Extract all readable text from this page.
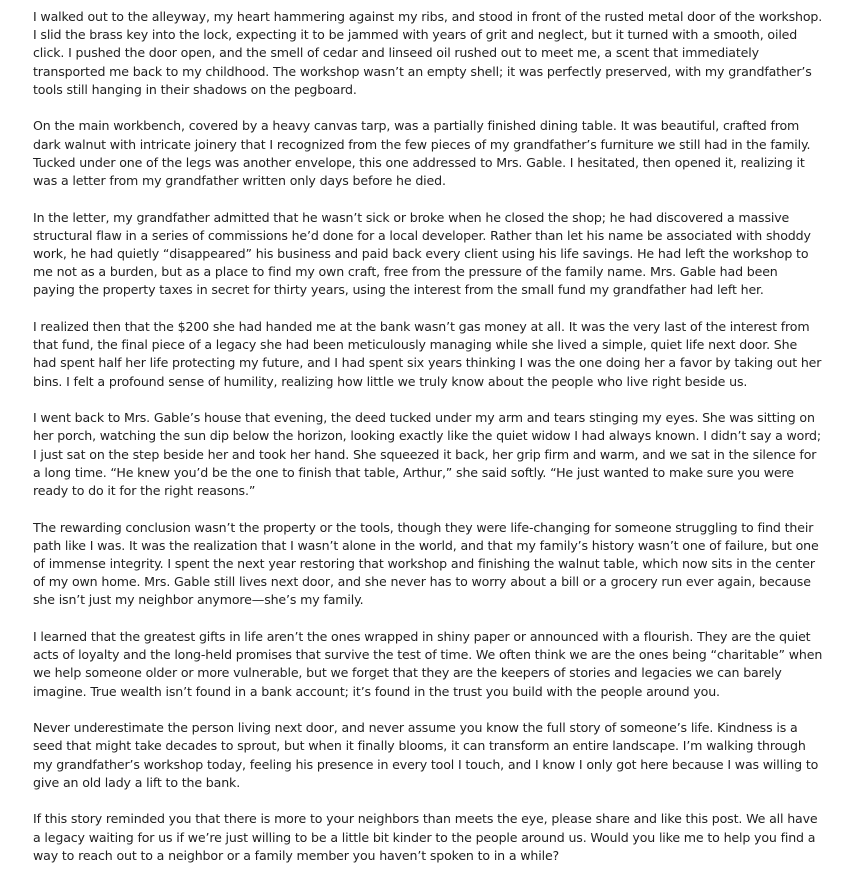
I walked out to the alleyway, my heart hammering against my ribs, and stood in front of the rusted metal door of the workshop. I slid the brass key into the lock, expecting it to be jammed with years of grit and neglect, but it turned with a smooth, oiled click. I pushed the door open, and the smell of cedar and linseed oil rushed out to meet me, a scent that immediately transported me back to my childhood. The workshop wasn’t an empty shell; it was perfectly preserved, with my grandfather’s tools still hanging in their shadows on the pegboard.

On the main workbench, covered by a heavy canvas tarp, was a partially finished dining table. It was beautiful, crafted from dark walnut with intricate joinery that I recognized from the few pieces of my grandfather’s furniture we still had in the family. Tucked under one of the legs was another envelope, this one addressed to Mrs. Gable. I hesitated, then opened it, realizing it was a letter from my grandfather written only days before he died.

In the letter, my grandfather admitted that he wasn’t sick or broke when he closed the shop; he had discovered a massive structural flaw in a series of commissions he’d done for a local developer. Rather than let his name be associated with shoddy work, he had quietly “disappeared” his business and paid back every client using his life savings. He had left the workshop to me not as a burden, but as a place to find my own craft, free from the pressure of the family name. Mrs. Gable had been paying the property taxes in secret for thirty years, using the interest from the small fund my grandfather had left her.

I realized then that the $200 she had handed me at the bank wasn’t gas money at all. It was the very last of the interest from that fund, the final piece of a legacy she had been meticulously managing while she lived a simple, quiet life next door. She had spent half her life protecting my future, and I had spent six years thinking I was the one doing her a favor by taking out her bins. I felt a profound sense of humility, realizing how little we truly know about the people who live right beside us.

I went back to Mrs. Gable’s house that evening, the deed tucked under my arm and tears stinging my eyes. She was sitting on her porch, watching the sun dip below the horizon, looking exactly like the quiet widow I had always known. I didn’t say a word; I just sat on the step beside her and took her hand. She squeezed it back, her grip firm and warm, and we sat in the silence for a long time. “He knew you’d be the one to finish that table, Arthur,” she said softly. “He just wanted to make sure you were ready to do it for the right reasons.”

The rewarding conclusion wasn’t the property or the tools, though they were life-changing for someone struggling to find their path like I was. It was the realization that I wasn’t alone in the world, and that my family’s history wasn’t one of failure, but one of immense integrity. I spent the next year restoring that workshop and finishing the walnut table, which now sits in the center of my own home. Mrs. Gable still lives next door, and she never has to worry about a bill or a grocery run ever again, because she isn’t just my neighbor anymore—she’s my family.

I learned that the greatest gifts in life aren’t the ones wrapped in shiny paper or announced with a flourish. They are the quiet acts of loyalty and the long-held promises that survive the test of time. We often think we are the ones being “charitable” when we help someone older or more vulnerable, but we forget that they are the keepers of stories and legacies we can barely imagine. True wealth isn’t found in a bank account; it’s found in the trust you build with the people around you.

Never underestimate the person living next door, and never assume you know the full story of someone’s life. Kindness is a seed that might take decades to sprout, but when it finally blooms, it can transform an entire landscape. I’m walking through my grandfather’s workshop today, feeling his presence in every tool I touch, and I know I only got here because I was willing to give an old lady a lift to the bank.

If this story reminded you that there is more to your neighbors than meets the eye, please share and like this post. We all have a legacy waiting for us if we’re just willing to be a little bit kinder to the people around us. Would you like me to help you find a way to reach out to a neighbor or a family member you haven’t spoken to in a while?
